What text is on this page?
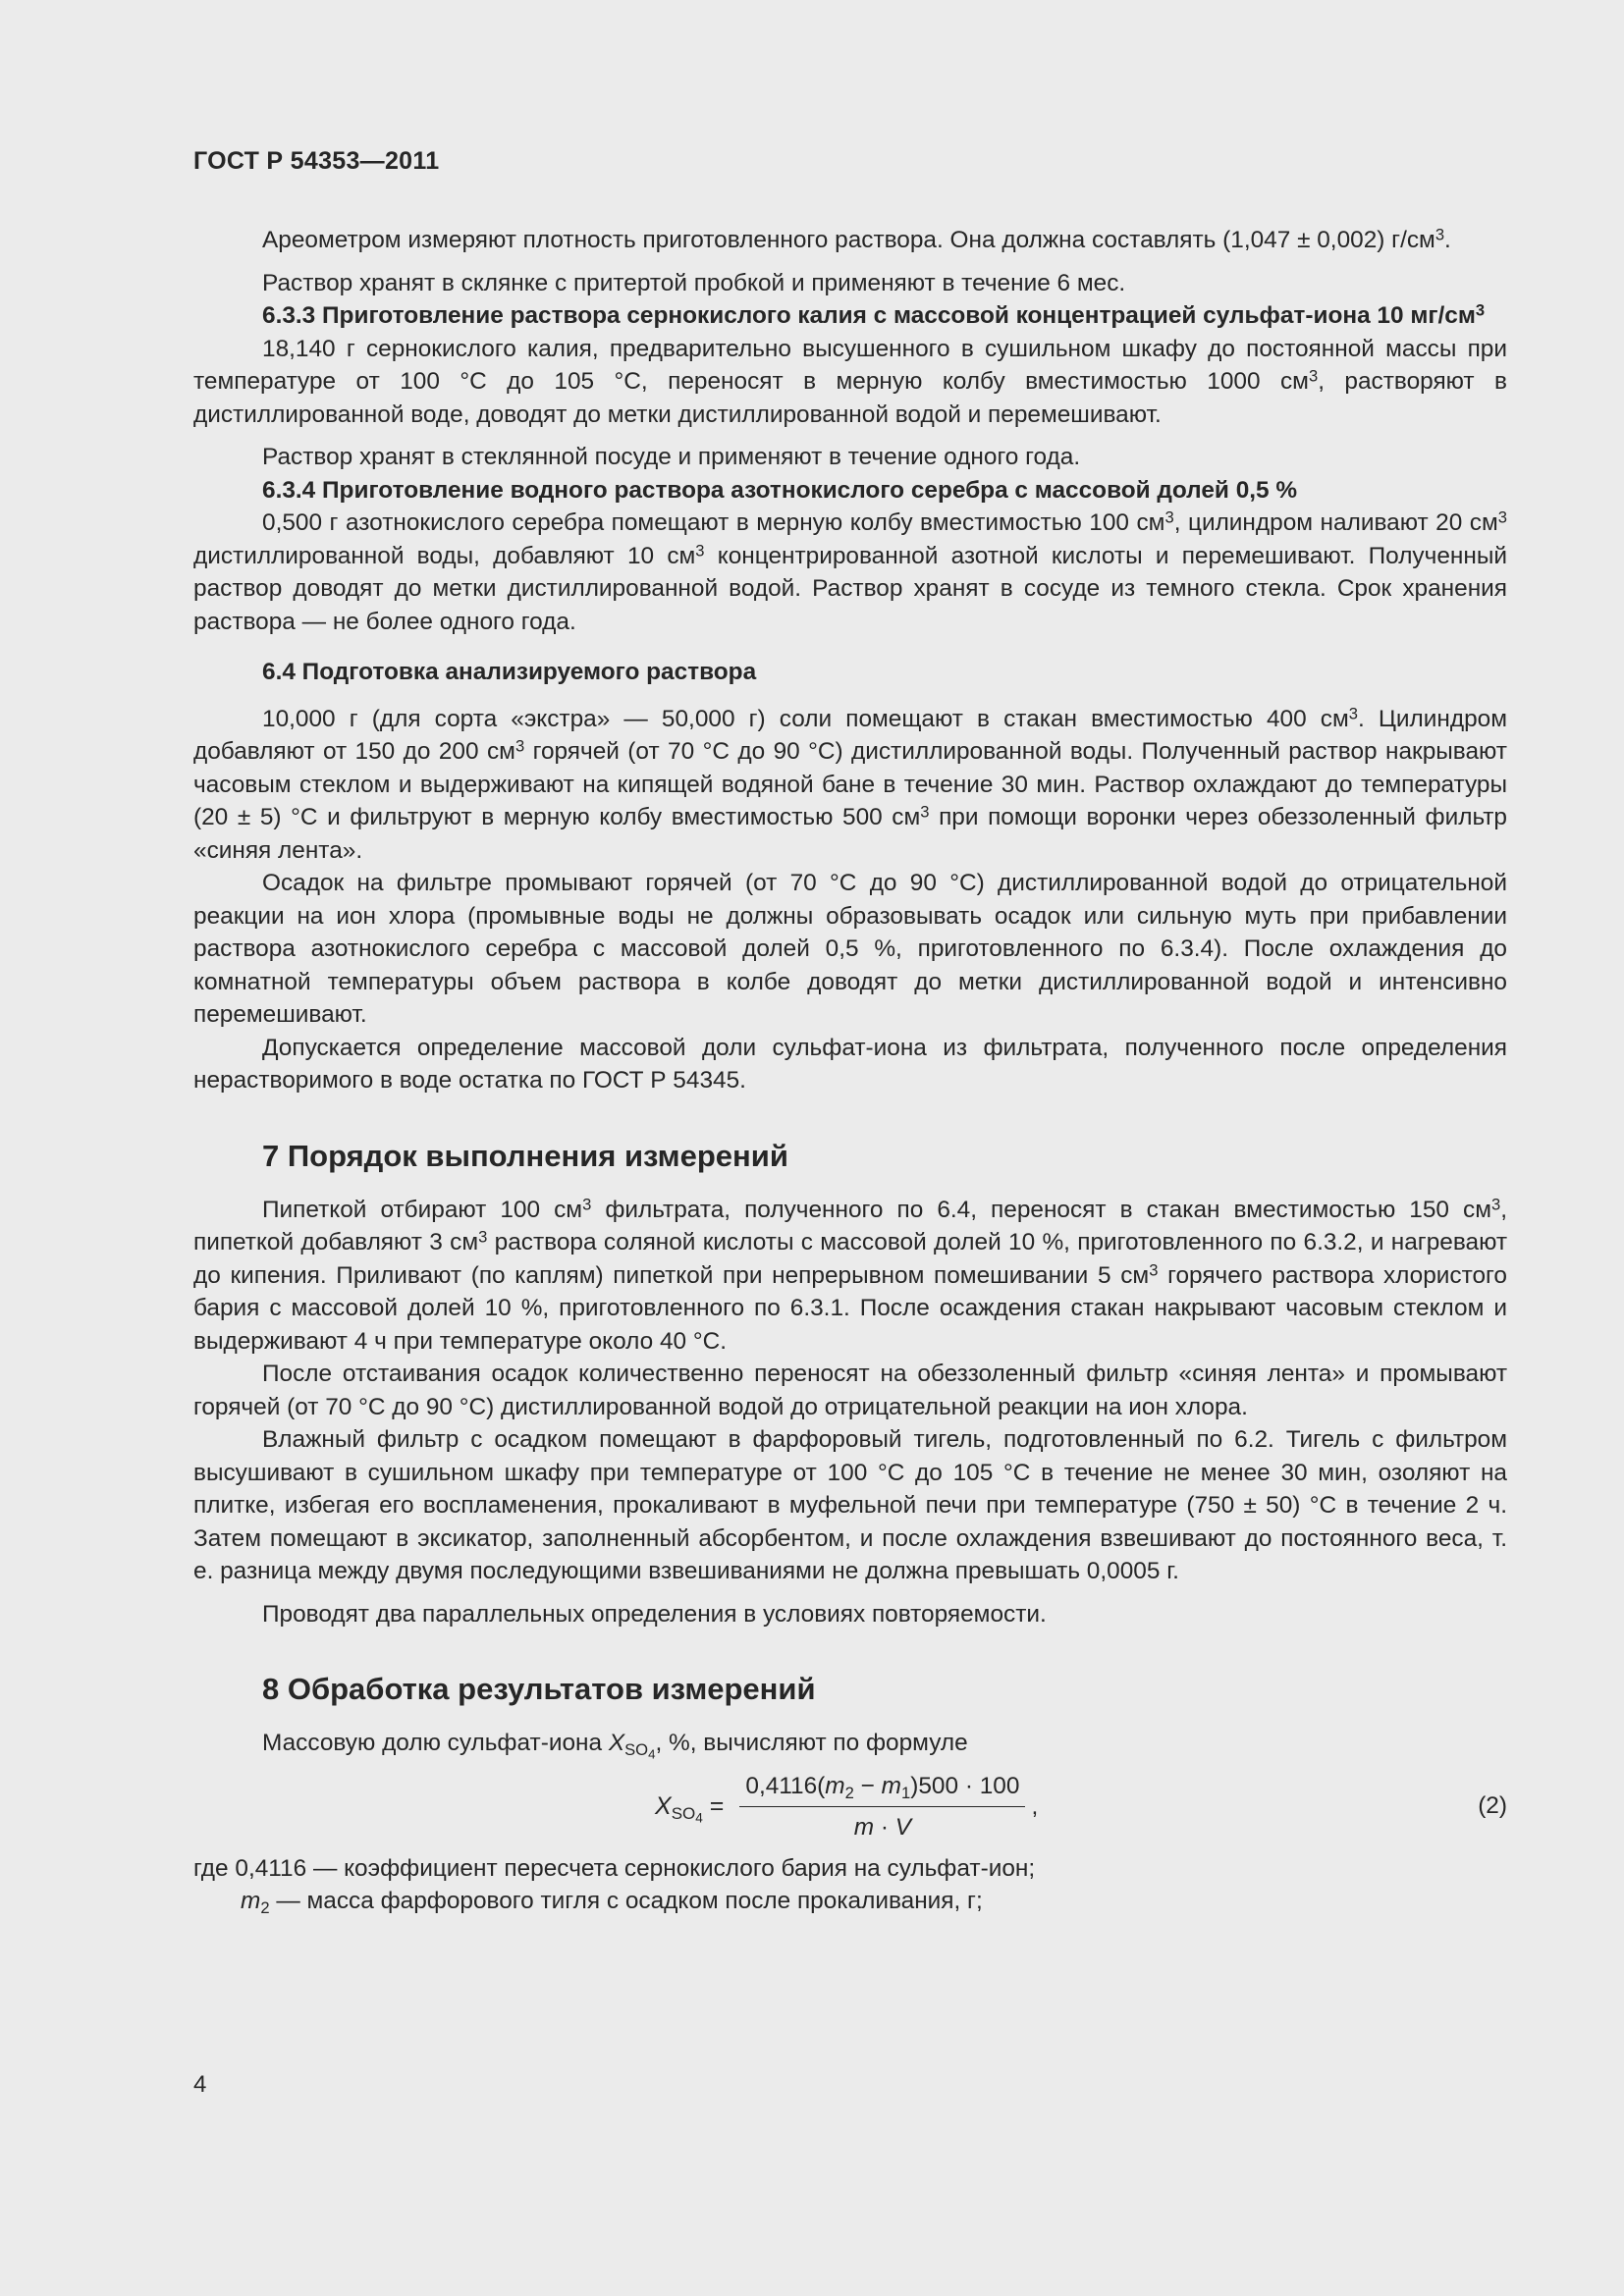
ГОСТ Р 54353—2011

Ареометром измеряют плотность приготовленного раствора. Она должна составлять (1,047 ± 0,002) $г/см^3$.

Раствор хранят в склянке с притертой пробкой и применяют в течение 6 мес.

6.3.3 Приготовление раствора сернокислого калия с массовой концентрацией сульфат-иона 10 $мг/см^3$

18,140 г сернокислого калия, предварительно высушенного в сушильном шкафу до постоянной массы при температуре от 100 °С до 105 °С, переносят в мерную колбу вместимостью 1000 $см^3$, растворяют в дистиллированной воде, доводят до метки дистиллированной водой и перемешивают.

Раствор хранят в стеклянной посуде и применяют в течение одного года.

6.3.4 Приготовление водного раствора азотнокислого серебра с массовой долей 0,5 %

0,500 г азотнокислого серебра помещают в мерную колбу вместимостью 100 $см^3$, цилиндром наливают 20 $см^3$ дистиллированной воды, добавляют 10 $см^3$ концентрированной азотной кислоты и перемешивают. Полученный раствор доводят до метки дистиллированной водой. Раствор хранят в сосуде из темного стекла. Срок хранения раствора — не более одного года.

6.4 Подготовка анализируемого раствора

10,000 г (для сорта «экстра» — 50,000 г) соли помещают в стакан вместимостью 400 $см^3$. Цилиндром добавляют от 150 до 200 $см^3$ горячей (от 70 °С до 90 °С) дистиллированной воды. Полученный раствор накрывают часовым стеклом и выдерживают на кипящей водяной бане в течение 30 мин. Раствор охлаждают до температуры (20 ± 5) °С и фильтруют в мерную колбу вместимостью 500 $см^3$ при помощи воронки через обеззоленный фильтр «синяя лента».

Осадок на фильтре промывают горячей (от 70 °С до 90 °С) дистиллированной водой до отрицательной реакции на ион хлора (промывные воды не должны образовывать осадок или сильную муть при прибавлении раствора азотнокислого серебра с массовой долей 0,5 %, приготовленного по 6.3.4). После охлаждения до комнатной температуры объем раствора в колбе доводят до метки дистиллированной водой и интенсивно перемешивают.

Допускается определение массовой доли сульфат-иона из фильтрата, полученного после определения нерастворимого в воде остатка по ГОСТ Р 54345.

7 Порядок выполнения измерений

Пипеткой отбирают 100 $см^3$ фильтрата, полученного по 6.4, переносят в стакан вместимостью 150 $см^3$, пипеткой добавляют 3 $см^3$ раствора соляной кислоты с массовой долей 10 %, приготовленного по 6.3.2, и нагревают до кипения. Приливают (по каплям) пипеткой при непрерывном помешивании 5 $см^3$ горячего раствора хлористого бария с массовой долей 10 %, приготовленного по 6.3.1. После осаждения стакан накрывают часовым стеклом и выдерживают 4 ч при температуре около 40 °С.

После отстаивания осадок количественно переносят на обеззоленный фильтр «синяя лента» и промывают горячей (от 70 °С до 90 °С) дистиллированной водой до отрицательной реакции на ион хлора.

Влажный фильтр с осадком помещают в фарфоровый тигель, подготовленный по 6.2. Тигель с фильтром высушивают в сушильном шкафу при температуре от 100 °С до 105 °С в течение не менее 30 мин, озоляют на плитке, избегая его воспламенения, прокаливают в муфельной печи при температуре (750 ± 50) °С в течение 2 ч. Затем помещают в эксикатор, заполненный абсорбентом, и после охлаждения взвешивают до постоянного веса, т. е. разница между двумя последующими взвешиваниями не должна превышать 0,0005 г.

Проводят два параллельных определения в условиях повторяемости.

8 Обработка результатов измерений

Массовую долю сульфат-иона $X_{SO_4}$, %, вычисляют по формуле

$X_{SO_4} = \frac{0,4116(m_2 - m_1)500 \cdot 100}{m \cdot V}$ ,	(2)
где 0,4116 — коэффициент пересчета сернокислого бария на сульфат-ион;
$m_2$ — масса фарфорового тигля с осадком после прокаливания, г;
4
